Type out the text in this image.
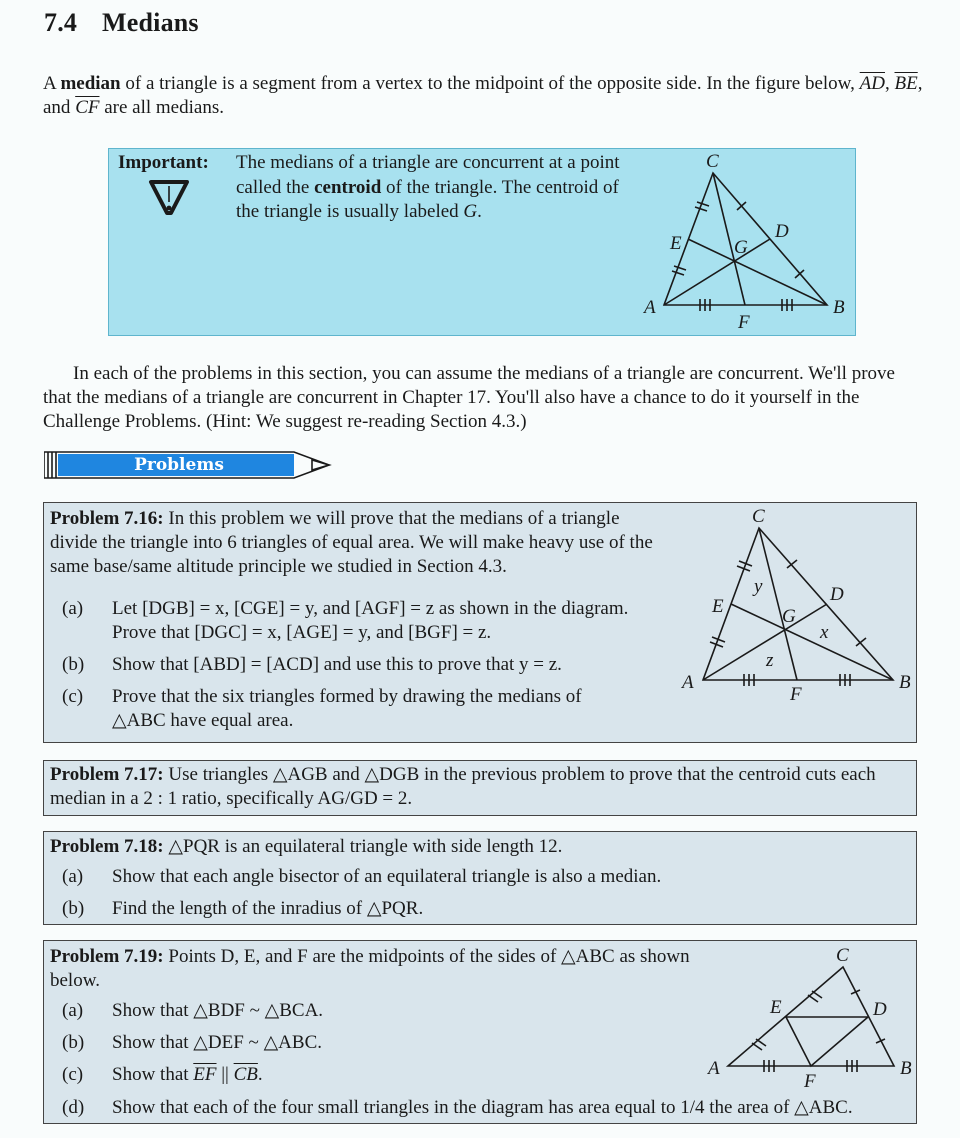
7.4 Medians
A median of a triangle is a segment from a vertex to the midpoint of the opposite side. In the figure below, $\overline{AD}$, $\overline{BE}$, and $\overline{CF}$ are all medians.
Important: The medians of a triangle are concurrent at a point called the centroid of the triangle. The centroid of the triangle is usually labeled G.
C
A	B
D
E
F
G
In each of the problems in this section, you can assume the medians of a triangle are concurrent. We'll prove that the medians of a triangle are concurrent in Chapter 17. You'll also have a chance to do it yourself in the Challenge Problems. (Hint: We suggest re-reading Section 4.3.)
Problems
Problem 7.16: In this problem we will prove that the medians of a triangle divide the triangle into 6 triangles of equal area. We will make heavy use of the same base/same altitude principle we studied in Section 4.3.
(a) Let [DGB] = x, [CGE] = y, and [AGF] = z as shown in the diagram.
Prove that [DGC] = x, [AGE] = y, and [BGF] = z.
(b) Show that [ABD] = [ACD] and use this to prove that y = z.
(c) Prove that the six triangles formed by drawing the medians of
△ABC have equal area.
C
A	B
D
E
F
G
x
y
z
Problem 7.17: Use triangles △AGB and △DGB in the previous problem to prove that the centroid cuts each median in a 2 : 1 ratio, specifically AG/GD = 2.
Problem 7.18: △PQR is an equilateral triangle with side length 12.
(a) Show that each angle bisector of an equilateral triangle is also a median.
(b) Find the length of the inradius of △PQR.
Problem 7.19: Points D, E, and F are the midpoints of the sides of △ABC as shown below.
(a) Show that △BDF ~ △BCA.
(b) Show that △DEF ~ △ABC.
(c) Show that $\overline{EF}$ || $\overline{CB}$.
(d) Show that each of the four small triangles in the diagram has area equal to 1/4 the area of △ABC.
C
A	B
D
E
F
